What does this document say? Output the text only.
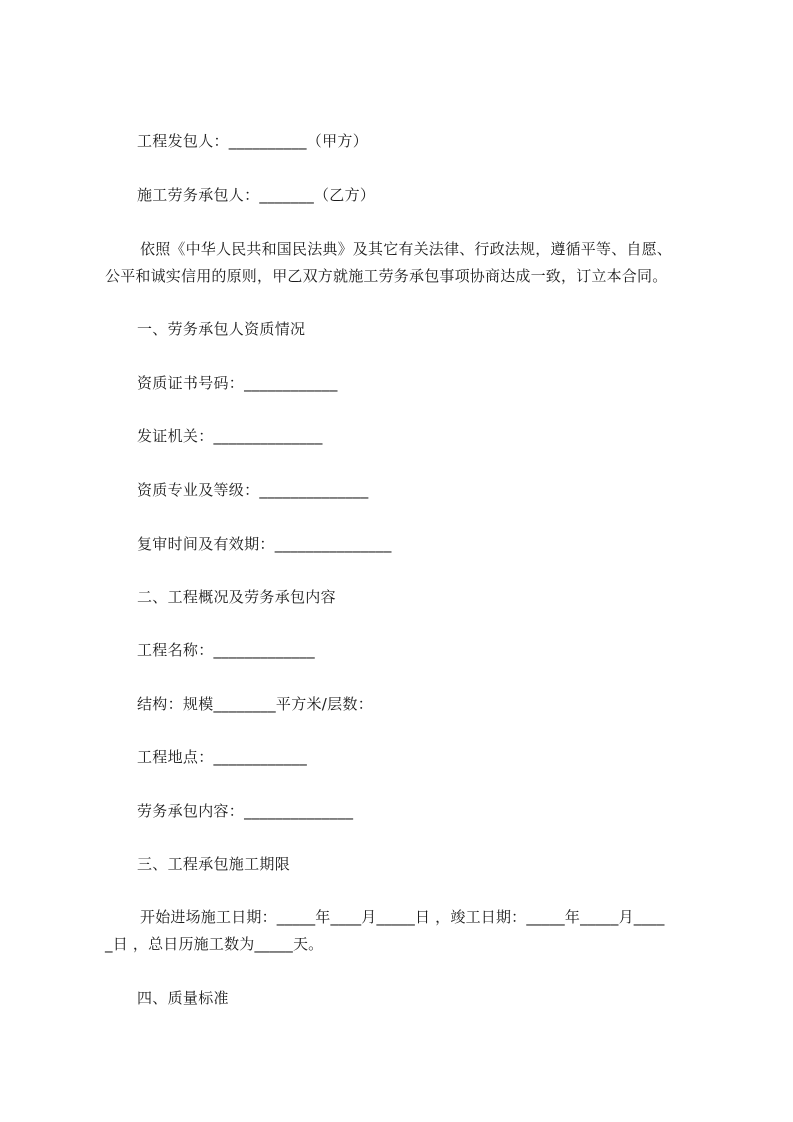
工程发包人：__________（甲方）
施工劳务承包人：_______（乙方）
依照《中华人民共和国民法典》及其它有关法律、行政法规，遵循平等、自愿、
公平和诚实信用的原则，甲乙双方就施工劳务承包事项协商达成一致，订立本合同。
一、劳务承包人资质情况
资质证书号码：____________
发证机关：______________
资质专业及等级：______________
复审时间及有效期：_______________
二、工程概况及劳务承包内容
工程名称：_____________
结构：规模________平方米/层数：
工程地点：____________
劳务承包内容：______________
三、工程承包施工期限
开始进场施工日期：_____年____月_____日 ，竣工日期：_____年_____月____
_日 ，总日历施工数为_____天。
四、质量标准
